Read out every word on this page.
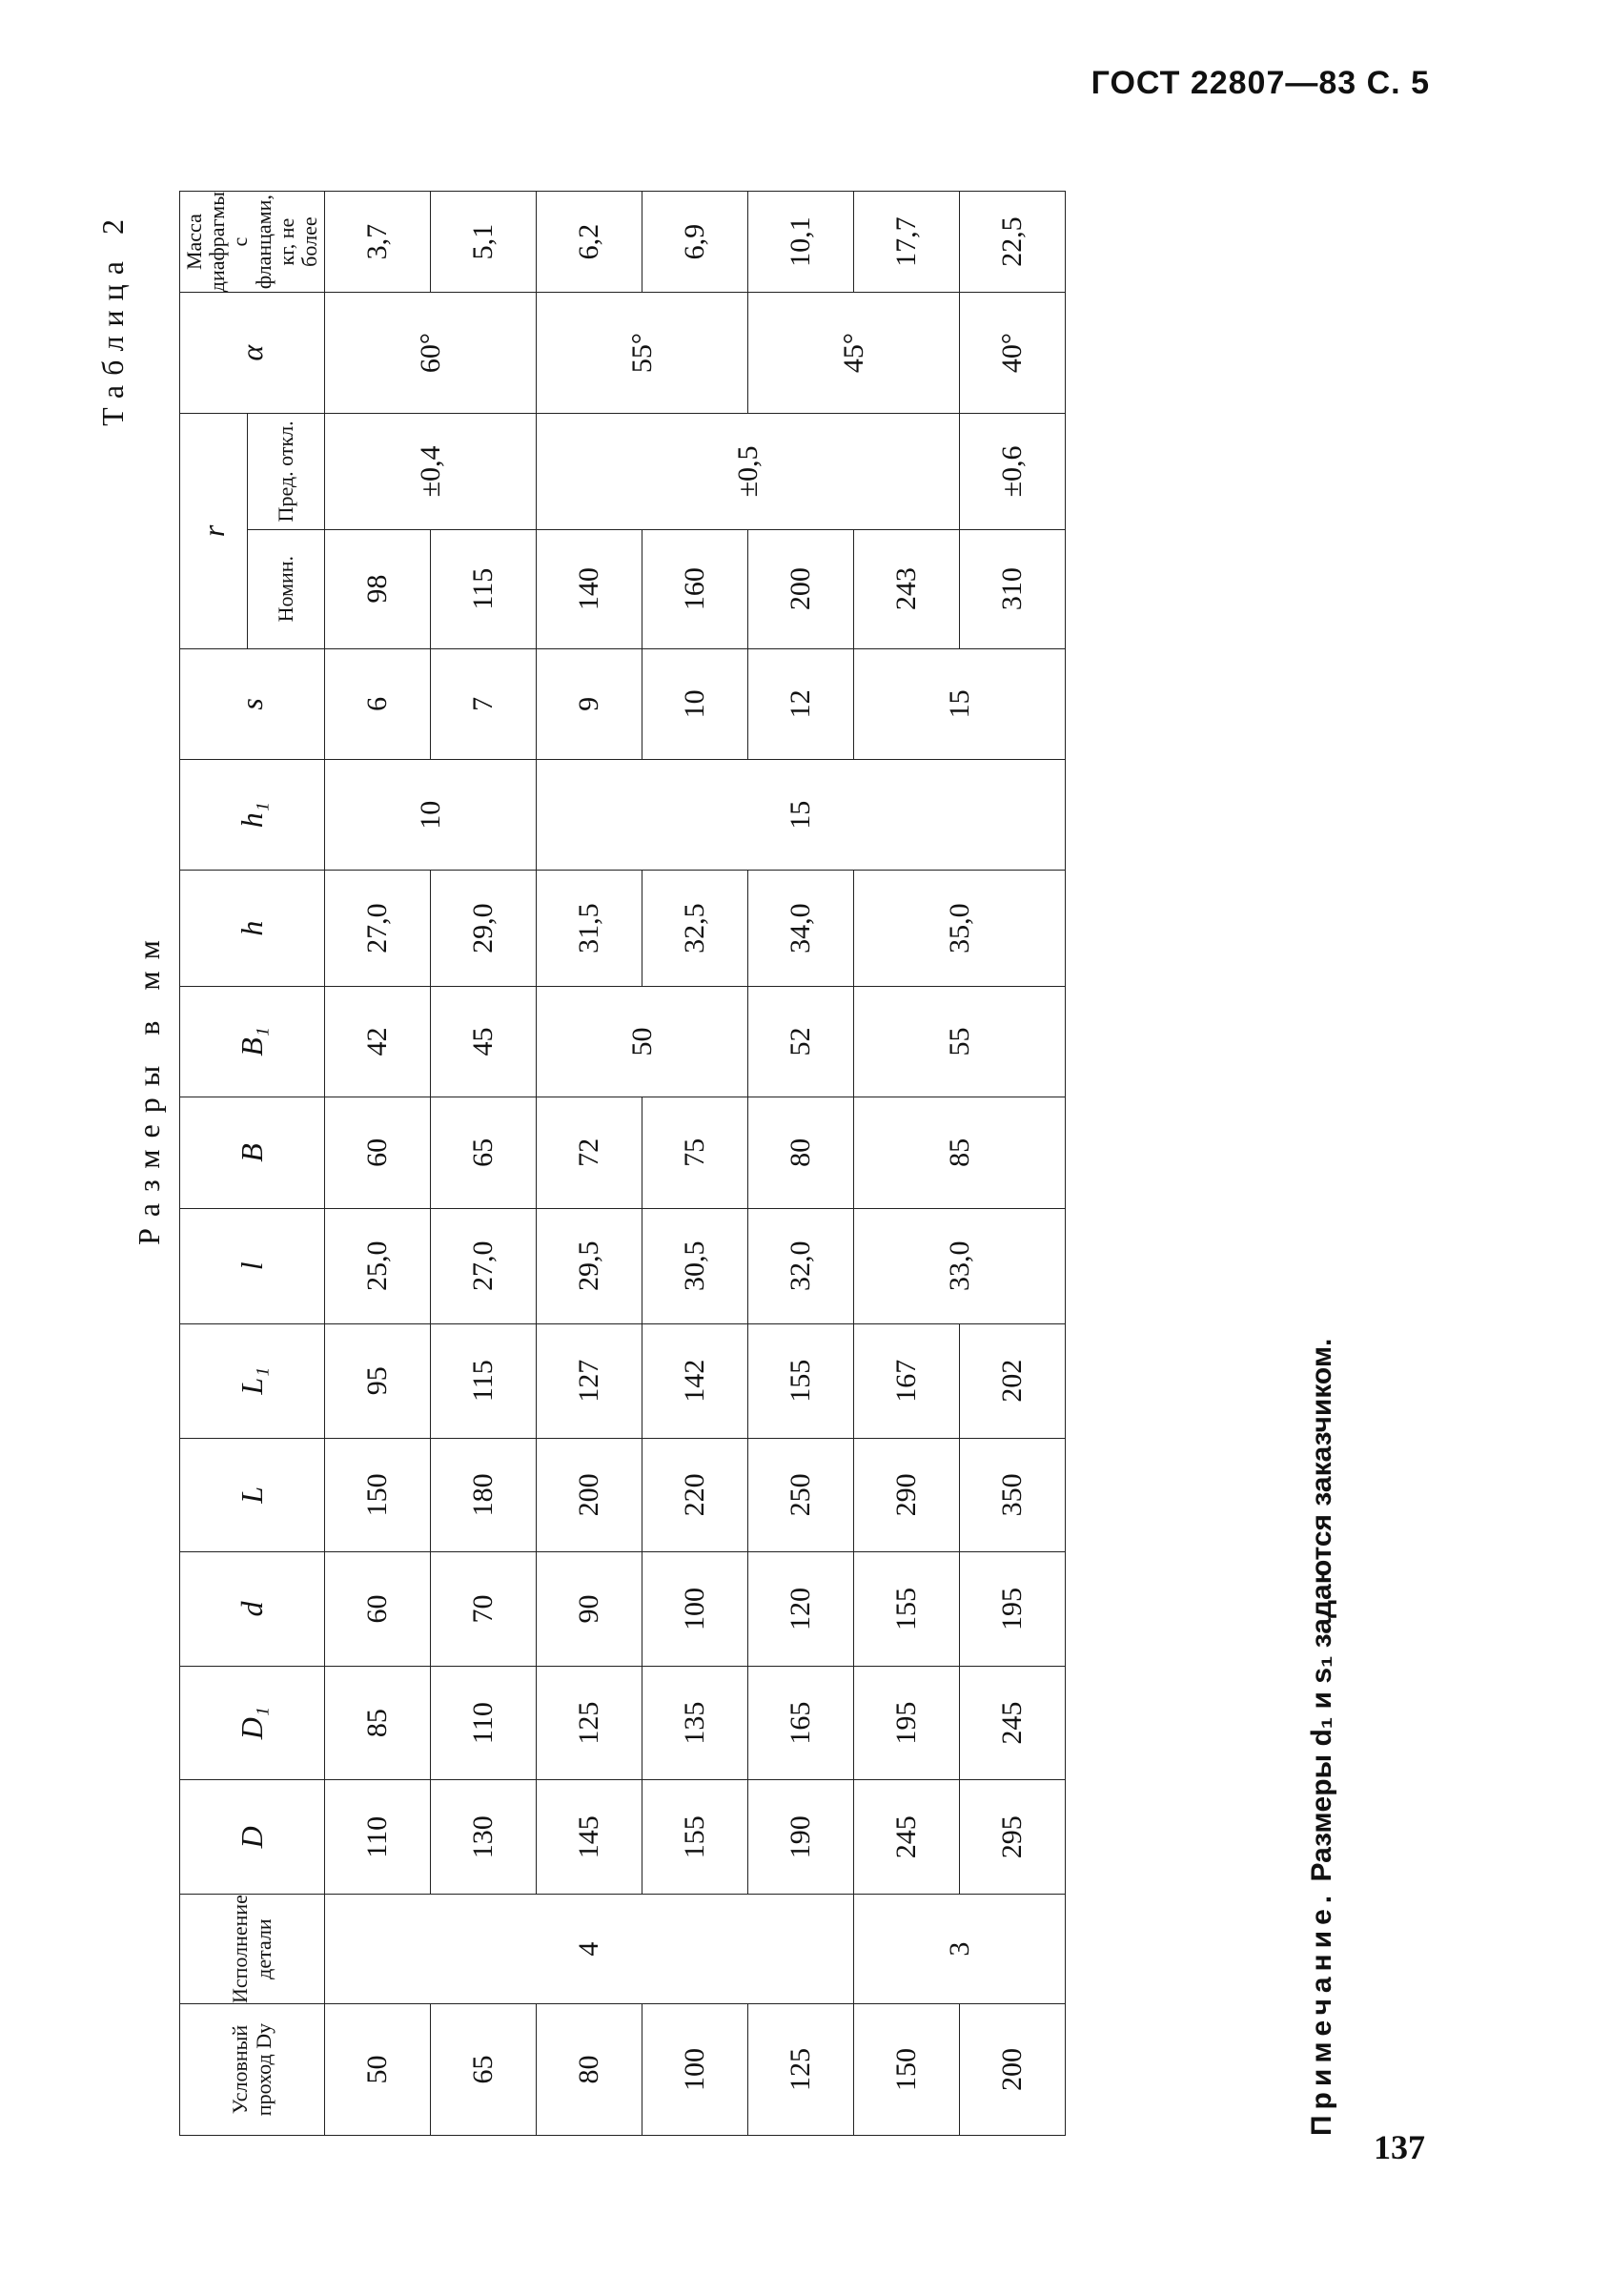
ГОСТ 22807—83 С. 5
Таблица 2
Размеры в мм
Условный проход Dу	Исполнение детали	D	D₁	d	L	L₁	l	B	B₁	h	h₁	s	r		α	Масса диафрагмы с фланцами, кг, не более
													Номин.	Пред. откл.		
50	4	110	85	60	150	95	25,0	60	42	27,0	10	6	98	±0,4	60°	3,7
65		130	110	70	180	115	27,0	65	45	29,0		7	115			5,1
80		145	125	90	200	127	29,5	72	50	31,5	15	9	140	±0,5	55°	6,2
100		155	135	100	220	142	30,5	75		32,5		10	160			6,9
125		190	165	120	250	155	32,0	80	52	34,0		12	200		45°	10,1
150	3	245	195	155	290	167	33,0	85	55	35,0		15	243			17,7
200		295	245	195	350	202							310	±0,6	40°	22,5
Примечание. Размеры d₁ и s₁ задаются заказчиком.
137
